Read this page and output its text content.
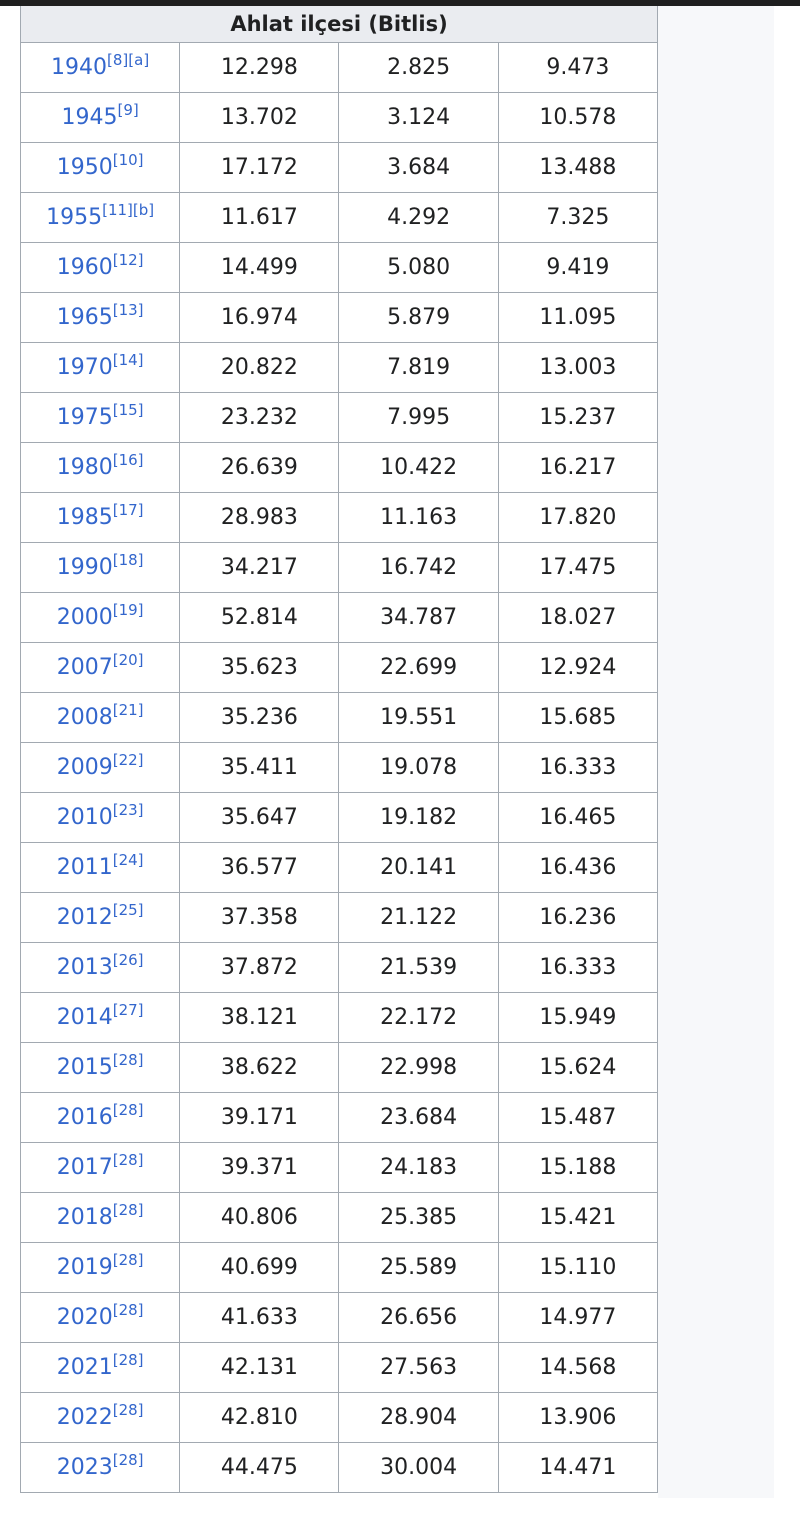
Ahlat ilçesi (Bitlis)			
1940[8][a]	12.298	2.825	9.473
1945[9]	13.702	3.124	10.578
1950[10]	17.172	3.684	13.488
1955[11][b]	11.617	4.292	7.325
1960[12]	14.499	5.080	9.419
1965[13]	16.974	5.879	11.095
1970[14]	20.822	7.819	13.003
1975[15]	23.232	7.995	15.237
1980[16]	26.639	10.422	16.217
1985[17]	28.983	11.163	17.820
1990[18]	34.217	16.742	17.475
2000[19]	52.814	34.787	18.027
2007[20]	35.623	22.699	12.924
2008[21]	35.236	19.551	15.685
2009[22]	35.411	19.078	16.333
2010[23]	35.647	19.182	16.465
2011[24]	36.577	20.141	16.436
2012[25]	37.358	21.122	16.236
2013[26]	37.872	21.539	16.333
2014[27]	38.121	22.172	15.949
2015[28]	38.622	22.998	15.624
2016[28]	39.171	23.684	15.487
2017[28]	39.371	24.183	15.188
2018[28]	40.806	25.385	15.421
2019[28]	40.699	25.589	15.110
2020[28]	41.633	26.656	14.977
2021[28]	42.131	27.563	14.568
2022[28]	42.810	28.904	13.906
2023[28]	44.475	30.004	14.471
